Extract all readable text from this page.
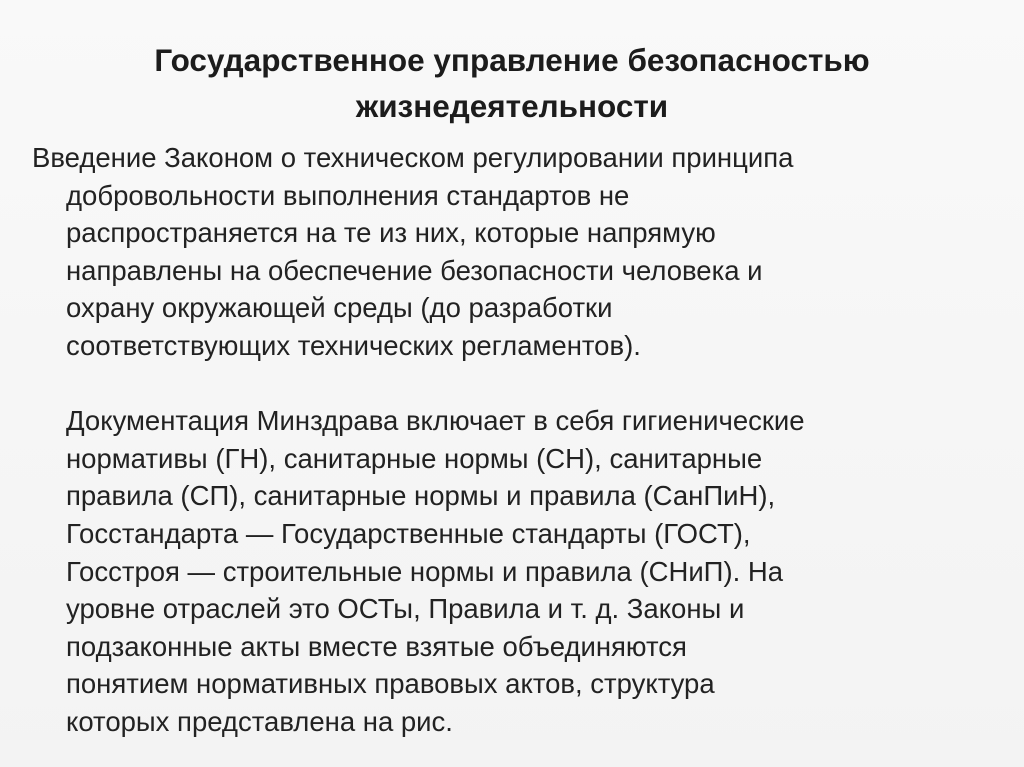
Государственное управление безопасностью
жизнедеятельности

Введение Законом о техническом регулировании принципа
добровольности выполнения стандартов не
распространяется на те из них, которые напрямую
направлены на обеспечение безопасности человека и
охрану окружающей среды (до разработки
соответствующих технических регламентов).

Документация Минздрава включает в себя гигиенические
нормативы (ГН), санитарные нормы (СН), санитарные
правила (СП), санитарные нормы и правила (СанПиН),
Госстандарта — Государственные стандарты (ГОСТ),
Госстроя — строительные нормы и правила (СНиП). На
уровне отраслей это ОСТы, Правила и т. д. Законы и
подзаконные акты вместе взятые объединяются
понятием нормативных правовых актов, структура
которых представлена на рис.
